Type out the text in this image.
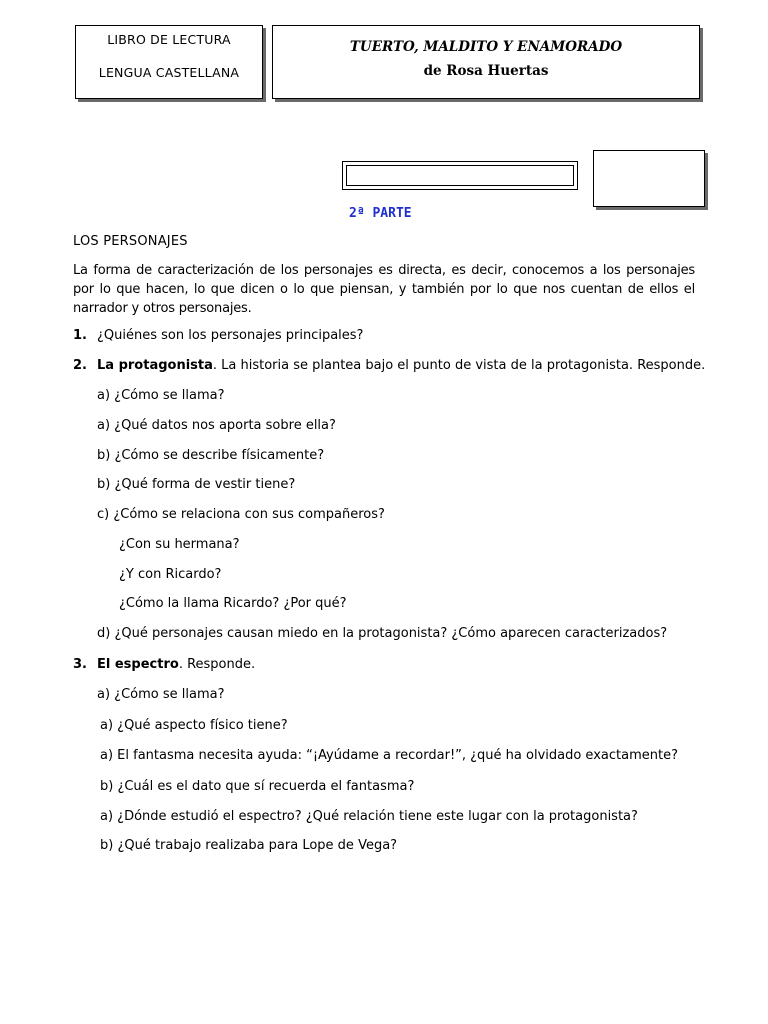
LIBRO DE LECTURA
LENGUA CASTELLANA
TUERTO, MALDITO Y ENAMORADO
de Rosa Huertas
2ª PARTE
LOS PERSONAJES
La forma de caracterización de los personajes es directa, es decir, conocemos a los personajes por lo que hacen, lo que dicen o lo que piensan, y también por lo que nos cuentan de ellos el narrador y otros personajes.
1. ¿Quiénes son los personajes principales?
2. La protagonista. La historia se plantea bajo el punto de vista de la protagonista. Responde.
a) ¿Cómo se llama?
a) ¿Qué datos nos aporta sobre ella?
b) ¿Cómo se describe físicamente?
b) ¿Qué forma de vestir tiene?
c) ¿Cómo se relaciona con sus compañeros?
¿Con su hermana?
¿Y con Ricardo?
¿Cómo la llama Ricardo? ¿Por qué?
d) ¿Qué personajes causan miedo en la protagonista? ¿Cómo aparecen caracterizados?
3. El espectro. Responde.
a) ¿Cómo se llama?
a) ¿Qué aspecto físico tiene?
a) El fantasma necesita ayuda: “¡Ayúdame a recordar!”, ¿qué ha olvidado exactamente?
b) ¿Cuál es el dato que sí recuerda el fantasma?
a) ¿Dónde estudió el espectro? ¿Qué relación tiene este lugar con la protagonista?
b) ¿Qué trabajo realizaba para Lope de Vega?
